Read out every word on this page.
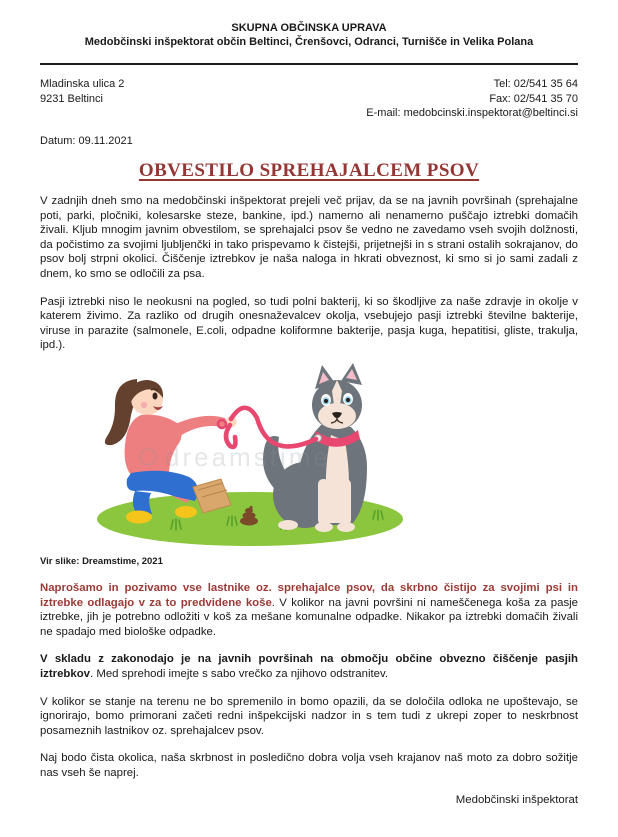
SKUPNA OBČINSKA UPRAVA
Medobčinski inšpektorat občin Beltinci, Črenšovci, Odranci, Turnišče in Velika Polana
Mladinska ulica 2
9231 Beltinci
Tel: 02/541 35 64
Fax: 02/541 35 70
E-mail: medobcinski.inspektorat@beltinci.si
Datum: 09.11.2021
OBVESTILO SPREHAJALCEM PSOV

V zadnjih dneh smo na medobčinski inšpektorat prejeli več prijav, da se na javnih površinah (sprehajalne poti, parki, pločniki, kolesarske steze, bankine, ipd.) namerno ali nenamerno puščajo iztrebki domačih živali. Kljub mnogim javnim obvestilom, se sprehajalci psov še vedno ne zavedamo vseh svojih dolžnosti, da počistimo za svojimi ljubljenčki in tako prispevamo k čistejši, prijetnejši in s strani ostalih sokrajanov, do psov bolj strpni okolici. Čiščenje iztrebkov je naša naloga in hkrati obveznost, ki smo si jo sami zadali z dnem, ko smo se odločili za psa.

Pasji iztrebki niso le neokusni na pogled, so tudi polni bakterij, ki so škodljive za naše zdravje in okolje v katerem živimo. Za razliko od drugih onesnaževalcev okolja, vsebujejo pasji iztrebki številne bakterije, viruse in parazite (salmonele, E.coli, odpadne koliformne bakterije, pasja kuga, hepatitisi, gliste, trakulja, ipd.).

dreamstime
Vir slike: Dreamstime, 2021

Naprošamo in pozivamo vse lastnike oz. sprehajalce psov, da skrbno čistijo za svojimi psi in iztrebke odlagajo v za to predvidene koše. V kolikor na javni površini ni nameščenega koša za pasje iztrebke, jih je potrebno odložiti v koš za mešane komunalne odpadke. Nikakor pa iztrebki domačih živali ne spadajo med biološke odpadke.

V skladu z zakonodajo je na javnih površinah na območju občine obvezno čiščenje pasjih iztrebkov. Med sprehodi imejte s sabo vrečko za njihovo odstranitev.

V kolikor se stanje na terenu ne bo spremenilo in bomo opazili, da se določila odloka ne upoštevajo, se ignorirajo, bomo primorani začeti redni inšpekcijski nadzor in s tem tudi z ukrepi zoper to neskrbnost posameznih lastnikov oz. sprehajalcev psov.

Naj bodo čista okolica, naša skrbnost in posledično dobra volja vseh krajanov naš moto za dobro sožitje nas vseh še naprej.

Medobčinski inšpektorat
